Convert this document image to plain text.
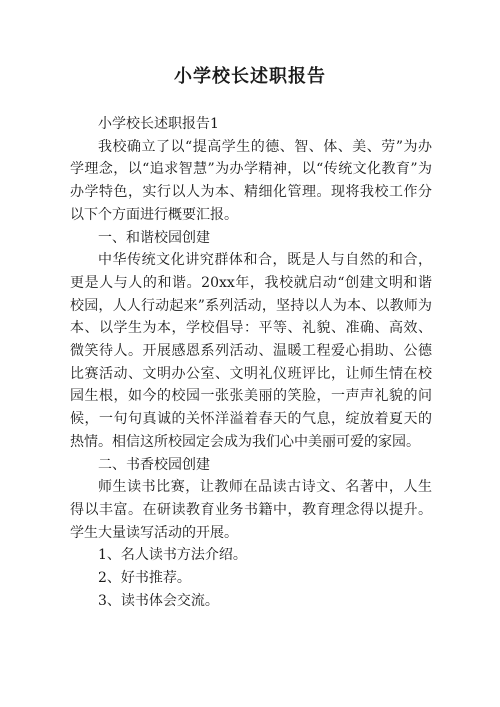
小学校长述职报告

小学校长述职报告1

我校确立了以“提高学生的德、智、体、美、劳”为办学理念，以“追求智慧”为办学精神，以“传统文化教育”为办学特色，实行以人为本、精细化管理。现将我校工作分以下个方面进行概要汇报。

一、和谐校园创建

中华传统文化讲究群体和合，既是人与自然的和合，更是人与人的和谐。20xx年，我校就启动“创建文明和谐校园，人人行动起来”系列活动，坚持以人为本、以教师为本、以学生为本，学校倡导：平等、礼貌、准确、高效、微笑待人。开展感恩系列活动、温暖工程爱心捐助、公德比赛活动、文明办公室、文明礼仪班评比，让师生情在校园生根，如今的校园一张张美丽的笑脸，一声声礼貌的问候，一句句真诚的关怀洋溢着春天的气息，绽放着夏天的热情。相信这所校园定会成为我们心中美丽可爱的家园。

二、书香校园创建

师生读书比赛，让教师在品读古诗文、名著中，人生得以丰富。在研读教育业务书籍中，教育理念得以提升。学生大量读写活动的开展。

1、名人读书方法介绍。

2、好书推荐。

3、读书体会交流。
